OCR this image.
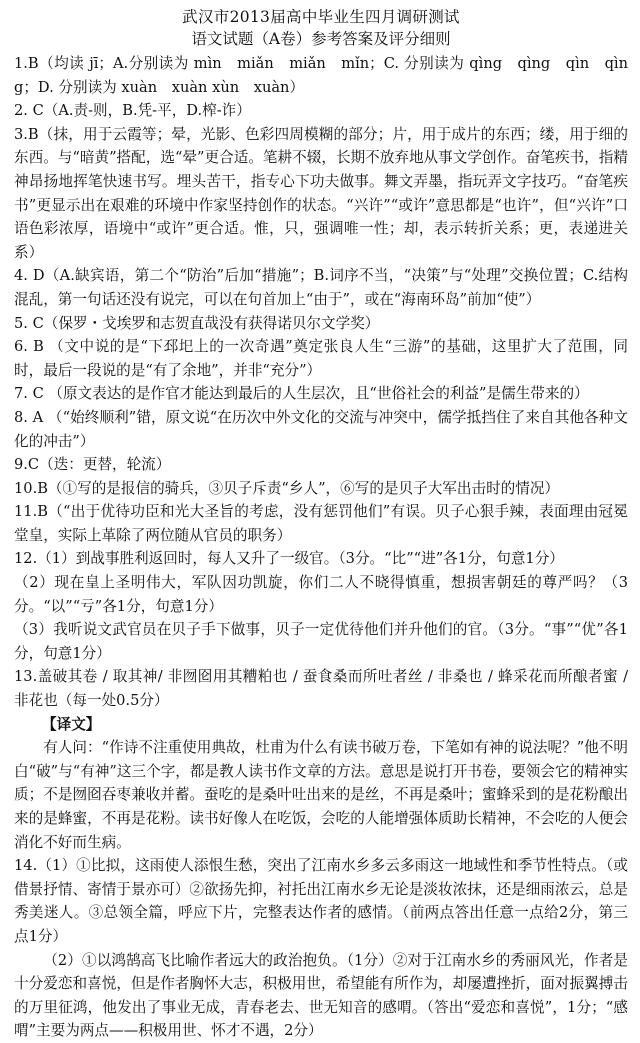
武汉市2013届高中毕业生四月调研测试
语文试题（A卷）参考答案及评分细则

1.B（均读 jī；A.分别读为 mìn　miǎn　miǎn　mǐn；C. 分别读为 qìng　qìng　qìn　qìng；D. 分别读为 xuàn　xuàn xùn　xuàn）

2. C（A.责-则，B.凭-平，D.榨-诈）

3.B（抹，用于云霞等；晕，光影、色彩四周模糊的部分；片，用于成片的东西；缕，用于细的东西。与“暗黄”搭配，选“晕”更合适。笔耕不辍，长期不放弃地从事文学创作。奋笔疾书，指精神昂扬地挥笔快速书写。埋头苦干，指专心下功夫做事。舞文弄墨，指玩弄文字技巧。“奋笔疾书”更显示出在艰难的环境中作家坚持创作的状态。“兴许”“或许”意思都是“也许”，但“兴许”口语色彩浓厚，语境中“或许”更合适。惟，只，强调唯一性；却，表示转折关系；更，表递进关系）

4. D（A.缺宾语，第二个“防治”后加“措施”；B.词序不当，“决策”与“处理”交换位置；C.结构混乱，第一句话还没有说完，可以在句首加上“由于”，或在“海南环岛”前加“使”）

5. C（保罗・戈埃罗和志贺直哉没有获得诺贝尔文学奖）

6. B （文中说的是“下邳圯上的一次奇遇”奠定张良人生“三游”的基础，这里扩大了范围，同时，最后一段说的是“有了余地”，并非“充分”）

7. C （原文表达的是作官才能达到最后的人生层次，且“世俗社会的利益”是儒生带来的）

8. A （“始终顺利”错，原文说“在历次中外文化的交流与冲突中，儒学抵挡住了来自其他各种文化的冲击”）

9.C（迭：更替，轮流）

10.B（①写的是报信的骑兵，③贝子斥责“乡人”，⑥写的是贝子大军出击时的情况）

11.B（“出于优待功臣和光大圣旨的考虑，没有惩罚他们”有误。贝子心狠手辣，表面理由冠冕堂皇，实际上革除了两位随从官员的职务）

12.（1）到战事胜利返回时，每人又升了一级官。（3分。“比”“进”各1分，句意1分）

（2）现在皇上圣明伟大，军队因功凯旋，你们二人不晓得慎重，想损害朝廷的尊严吗？（3分。“以”“亏”各1分，句意1分）

（3）我听说文武官员在贝子手下做事，贝子一定优待他们并升他们的官。（3分。“事”“优”各1分，句意1分）

13.盖破其卷 / 取其神/ 非囫囵用其糟粕也 / 蚕食桑而所吐者丝 / 非桑也 / 蜂采花而所酿者蜜 / 非花也（每一处0.5分）

【译文】

有人问：“作诗不注重使用典故，杜甫为什么有读书破万卷，下笔如有神的说法呢？”他不明白“破”与“有神”这三个字，都是教人读书作文章的方法。意思是说打开书卷，要领会它的精神实质；不是囫囵吞枣兼收并蓄。蚕吃的是桑叶吐出来的是丝，不再是桑叶；蜜蜂采到的是花粉酿出来的是蜂蜜，不再是花粉。读书好像人在吃饭，会吃的人能增强体质助长精神，不会吃的人便会消化不好而生病。

14.（1）①比拟，这雨使人添恨生愁，突出了江南水乡多云多雨这一地域性和季节性特点。（或借景抒情、寄情于景亦可）②欲扬先抑，衬托出江南水乡无论是淡妆浓抹，还是细雨浓云，总是秀美迷人。③总领全篇，呼应下片，完整表达作者的感情。（前两点答出任意一点给2分，第三点1分）

（2）①以鸿鹄高飞比喻作者远大的政治抱负。（1分）②对于江南水乡的秀丽风光，作者是十分爱恋和喜悦，但是作者胸怀大志，积极用世，希望能有所作为，却屡遭挫折，面对振翼搏击的万里征鸿，他发出了事业无成，青春老去、世无知音的感喟。（答出“爱恋和喜悦”，1分；“感喟”主要为两点——积极用世、怀才不遇，2分）
